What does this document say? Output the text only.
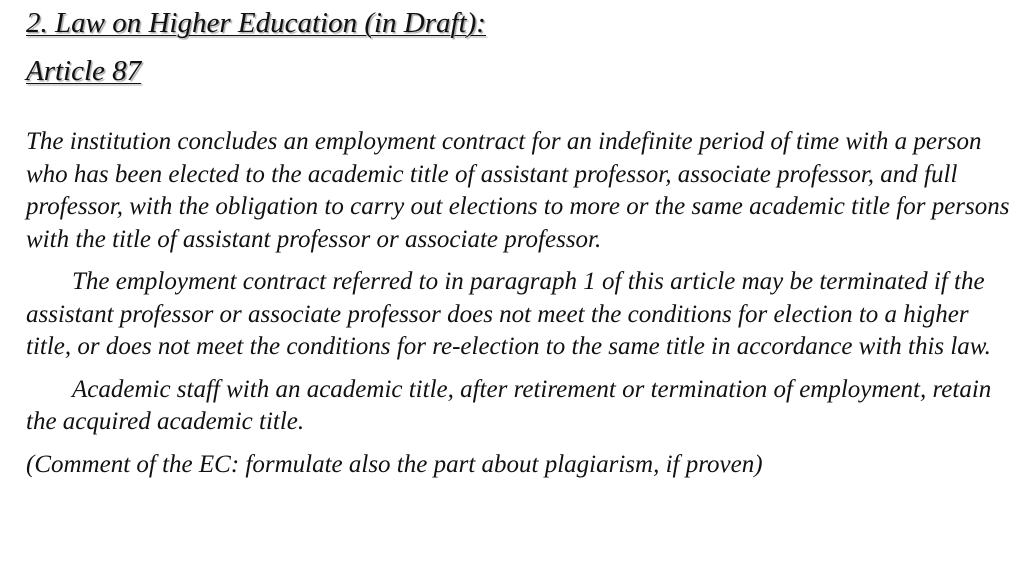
2. Law on Higher Education (in Draft):
Article 87

The institution concludes an employment contract for an indefinite period of time with a person who has been elected to the academic title of assistant professor, associate professor, and full professor, with the obligation to carry out elections to more or the same academic title for persons with the title of assistant professor or associate professor.

The employment contract referred to in paragraph 1 of this article may be terminated if the assistant professor or associate professor does not meet the conditions for election to a higher title, or does not meet the conditions for re-election to the same title in accordance with this law.

Academic staff with an academic title, after retirement or termination of employment, retain the acquired academic title.

(Comment of the EC: formulate also the part about plagiarism, if proven)
